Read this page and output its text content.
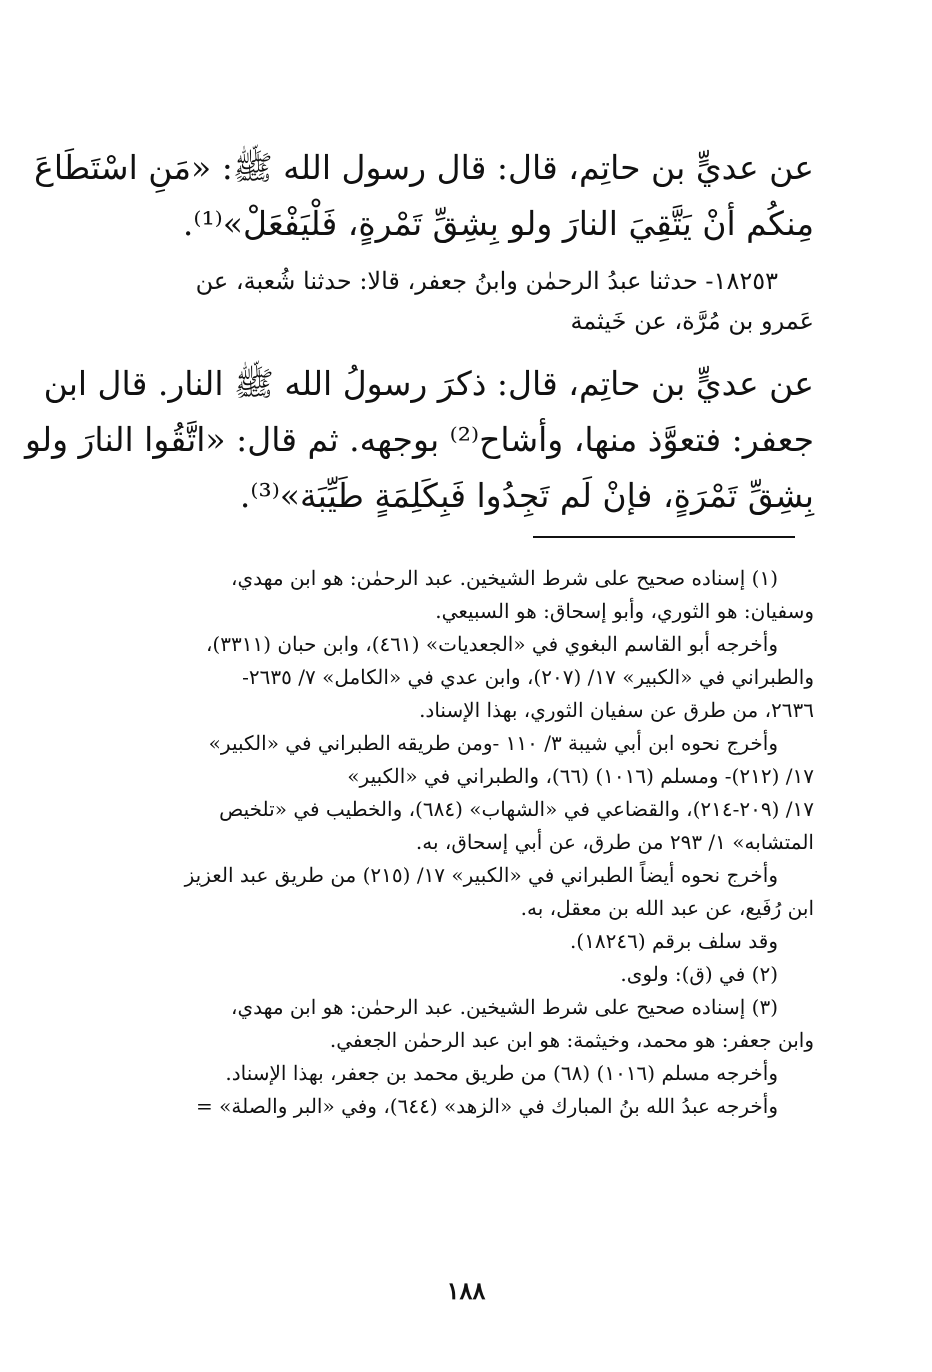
عن عديٍّ بن حاتِم، قال: قال رسول الله ﷺ: «مَنِ اسْتَطَاعَ
مِنكُم أنْ يَتَّقِيَ النارَ ولو بِشِقِّ تَمْرةٍ، فَلْيَفْعَلْ»⁽¹⁾.
١٨٢٥٣- حدثنا عبدُ الرحمٰن وابنُ جعفر، قالا: حدثنا شُعبة، عن
عَمرو بن مُرَّة، عن خَيثمة
عن عديٍّ بن حاتِم، قال: ذكرَ رسولُ الله ﷺ النار. قال ابن
جعفر: فتعوَّذ منها، وأشاح⁽²⁾ بوجهه. ثم قال: «اتَّقُوا النارَ ولو
بِشِقِّ تَمْرَةٍ، فإنْ لَم تَجِدُوا فَبِكَلِمَةٍ طَيِّبَة»⁽³⁾.
(١) إسناده صحيح على شرط الشيخين. عبد الرحمٰن: هو ابن مهدي،
وسفيان: هو الثوري، وأبو إسحاق: هو السبيعي.
وأخرجه أبو القاسم البغوي في «الجعديات» (٤٦١)، وابن حبان (٣٣١١)،
والطبراني في «الكبير» ١٧/ (٢٠٧)، وابن عدي في «الكامل» ٧/ ٢٦٣٥-
٢٦٣٦، من طرق عن سفيان الثوري، بهذا الإسناد.
وأخرج نحوه ابن أبي شيبة ٣/ ١١٠ -ومن طريقه الطبراني في «الكبير»
١٧/ (٢١٢)- ومسلم (١٠١٦) (٦٦)، والطبراني في «الكبير»
١٧/ (٢٠٩-٢١٤)، والقضاعي في «الشهاب» (٦٨٤)، والخطيب في «تلخيص
المتشابه» ١/ ٢٩٣ من طرق، عن أبي إسحاق، به.
وأخرج نحوه أيضاً الطبراني في «الكبير» ١٧/ (٢١٥) من طريق عبد العزيز
ابن رُفَيع، عن عبد الله بن معقل، به.
وقد سلف برقم (١٨٢٤٦).
(٢) في (ق): ولوى.
(٣) إسناده صحيح على شرط الشيخين. عبد الرحمٰن: هو ابن مهدي،
وابن جعفر: هو محمد، وخيثمة: هو ابن عبد الرحمٰن الجعفي.
وأخرجه مسلم (١٠١٦) (٦٨) من طريق محمد بن جعفر، بهذا الإسناد.
وأخرجه عبدُ الله بنُ المبارك في «الزهد» (٦٤٤)، وفي «البر والصلة» =
١٨٨
